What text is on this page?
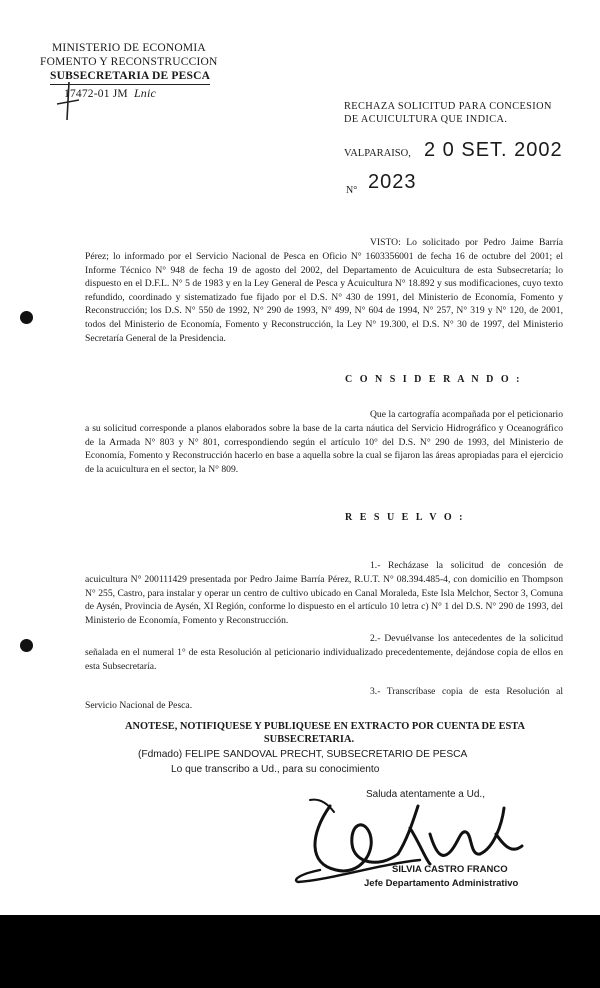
MINISTERIO DE ECONOMIA
FOMENTO Y RECONSTRUCCION
SUBSECRETARIA DE PESCA
17472-01 JM Lnic
RECHAZA SOLICITUD PARA CONCESION
DE ACUICULTURA QUE INDICA.
VALPARAISO, 2 0 SET. 2002
N° 2023
VISTO: Lo solicitado por Pedro Jaime Barría
Pérez; lo informado por el Servicio Nacional de Pesca en Oficio N° 1603356001 de fecha 16 de octubre del 2001; el Informe Técnico N° 948 de fecha 19 de agosto del 2002, del Departamento de Acuicultura de esta Subsecretaría; lo dispuesto en el D.F.L. N° 5 de 1983 y en la Ley General de Pesca y Acuicultura N° 18.892 y sus modificaciones, cuyo texto refundido, coordinado y sistematizado fue fijado por el D.S. N° 430 de 1991, del Ministerio de Economía, Fomento y Reconstrucción; los D.S. N° 550 de 1992, N° 290 de 1993, N° 499, N° 604 de 1994, N° 257, N° 319 y N° 120, de 2001, todos del Ministerio de Economía, Fomento y Reconstrucción, la Ley N° 19.300, el D.S. N° 30 de 1997, del Ministerio Secretaría General de la Presidencia.
C O N S I D E R A N D O :
Que la cartografía acompañada por el peticionario
a su solicitud corresponde a planos elaborados sobre la base de la carta náutica del Servicio Hidrográfico y Oceanográfico de la Armada N° 803 y N° 801, correspondiendo según el artículo 10° del D.S. N° 290 de 1993, del Ministerio de Economía, Fomento y Reconstrucción hacerlo en base a aquella sobre la cual se fijaron las áreas apropiadas para el ejercicio de la acuicultura en el sector, la N° 809.
R E S U E L V O :
1.- Recházase la solicitud de concesión de
acuicultura N° 200111429 presentada por Pedro Jaime Barría Pérez, R.U.T. N° 08.394.485-4, con domicilio en Thompson N° 255, Castro, para instalar y operar un centro de cultivo ubicado en Canal Moraleda, Este Isla Melchor, Sector 3, Comuna de Aysén, Provincia de Aysén, XI Región, conforme lo dispuesto en el artículo 10 letra c) N° 1 del D.S. N° 290 de 1993, del Ministerio de Economía, Fomento y Reconstrucción.
2.- Devuélvanse los antecedentes de la solicitud
señalada en el numeral 1° de esta Resolución al peticionario individualizado precedentemente, dejándose copia de ellos en esta Subsecretaría.
3.- Transcríbase copia de esta Resolución al
Servicio Nacional de Pesca.
ANOTESE, NOTIFIQUESE Y PUBLIQUESE EN EXTRACTO POR CUENTA DE ESTA
SUBSECRETARIA.
(Fdmado) FELIPE SANDOVAL PRECHT, SUBSECRETARIO DE PESCA
Lo que transcribo a Ud., para su conocimiento
Saluda atentamente a Ud.,
SILVIA CASTRO FRANCO
Jefe Departamento Administrativo
